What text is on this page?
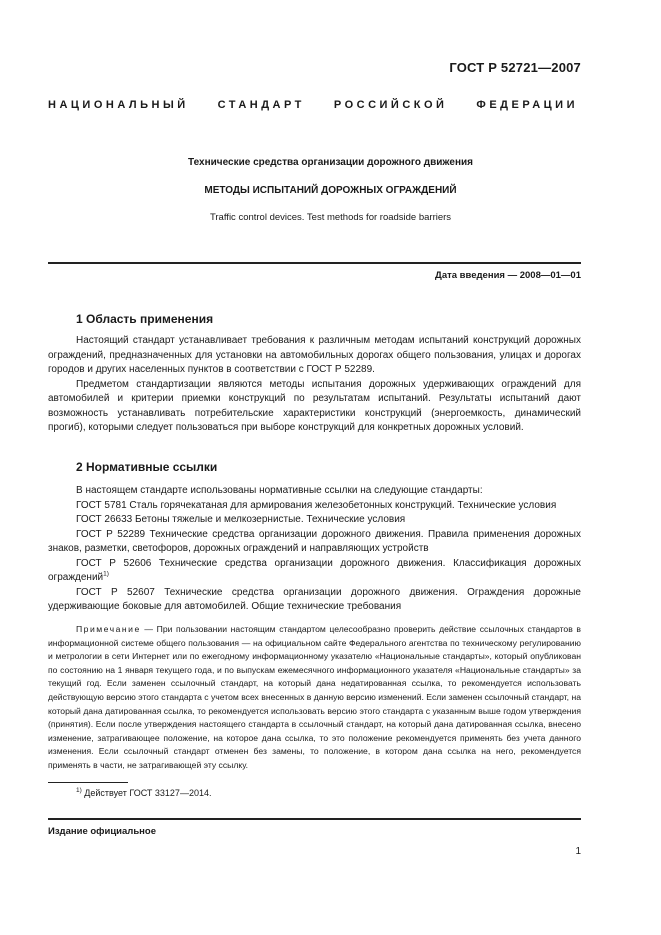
ГОСТ Р 52721—2007
НАЦИОНАЛЬНЫЙ СТАНДАРТ РОССИЙСКОЙ ФЕДЕРАЦИИ
Технические средства организации дорожного движения
МЕТОДЫ ИСПЫТАНИЙ ДОРОЖНЫХ ОГРАЖДЕНИЙ
Traffic control devices. Test methods for roadside barriers
Дата введения — 2008—01—01
1 Область применения

Настоящий стандарт устанавливает требования к различным методам испытаний конструкций дорожных ограждений, предназначенных для установки на автомобильных дорогах общего пользования, улицах и дорогах городов и других населенных пунктов в соответствии с ГОСТ Р 52289.

Предметом стандартизации являются методы испытания дорожных удерживающих ограждений для автомобилей и критерии приемки конструкций по результатам испытаний. Результаты испытаний дают возможность устанавливать потребительские характеристики конструкций (энергоемкость, динамический прогиб), которыми следует пользоваться при выборе конструкций для конкретных дорожных условий.

2 Нормативные ссылки

В настоящем стандарте использованы нормативные ссылки на следующие стандарты:

ГОСТ 5781 Сталь горячекатаная для армирования железобетонных конструкций. Технические условия

ГОСТ 26633 Бетоны тяжелые и мелкозернистые. Технические условия

ГОСТ Р 52289 Технические средства организации дорожного движения. Правила применения дорожных знаков, разметки, светофоров, дорожных ограждений и направляющих устройств

ГОСТ Р 52606 Технические средства организации дорожного движения. Классификация дорожных ограждений$^{1)}$

ГОСТ Р 52607 Технические средства организации дорожного движения. Ограждения дорожные удерживающие боковые для автомобилей. Общие технические требования

Примечание — При пользовании настоящим стандартом целесообразно проверить действие ссылочных стандартов в информационной системе общего пользования — на официальном сайте Федерального агентства по техническому регулированию и метрологии в сети Интернет или по ежегодному информационному указателю «Национальные стандарты», который опубликован по состоянию на 1 января текущего года, и по выпускам ежемесячного информационного указателя «Национальные стандарты» за текущий год. Если заменен ссылочный стандарт, на который дана недатированная ссылка, то рекомендуется использовать действующую версию этого стандарта с учетом всех внесенных в данную версию изменений. Если заменен ссылочный стандарт, на который дана датированная ссылка, то рекомендуется использовать версию этого стандарта с указанным выше годом утверждения (принятия). Если после утверждения настоящего стандарта в ссылочный стандарт, на который дана датированная ссылка, внесено изменение, затрагивающее положение, на которое дана ссылка, то это положение рекомендуется применять без учета данного изменения. Если ссылочный стандарт отменен без замены, то положение, в котором дана ссылка на него, рекомендуется применять в части, не затрагивающей эту ссылку.

$^{1)}$ Действует ГОСТ 33127—2014.
Издание официальное
1
